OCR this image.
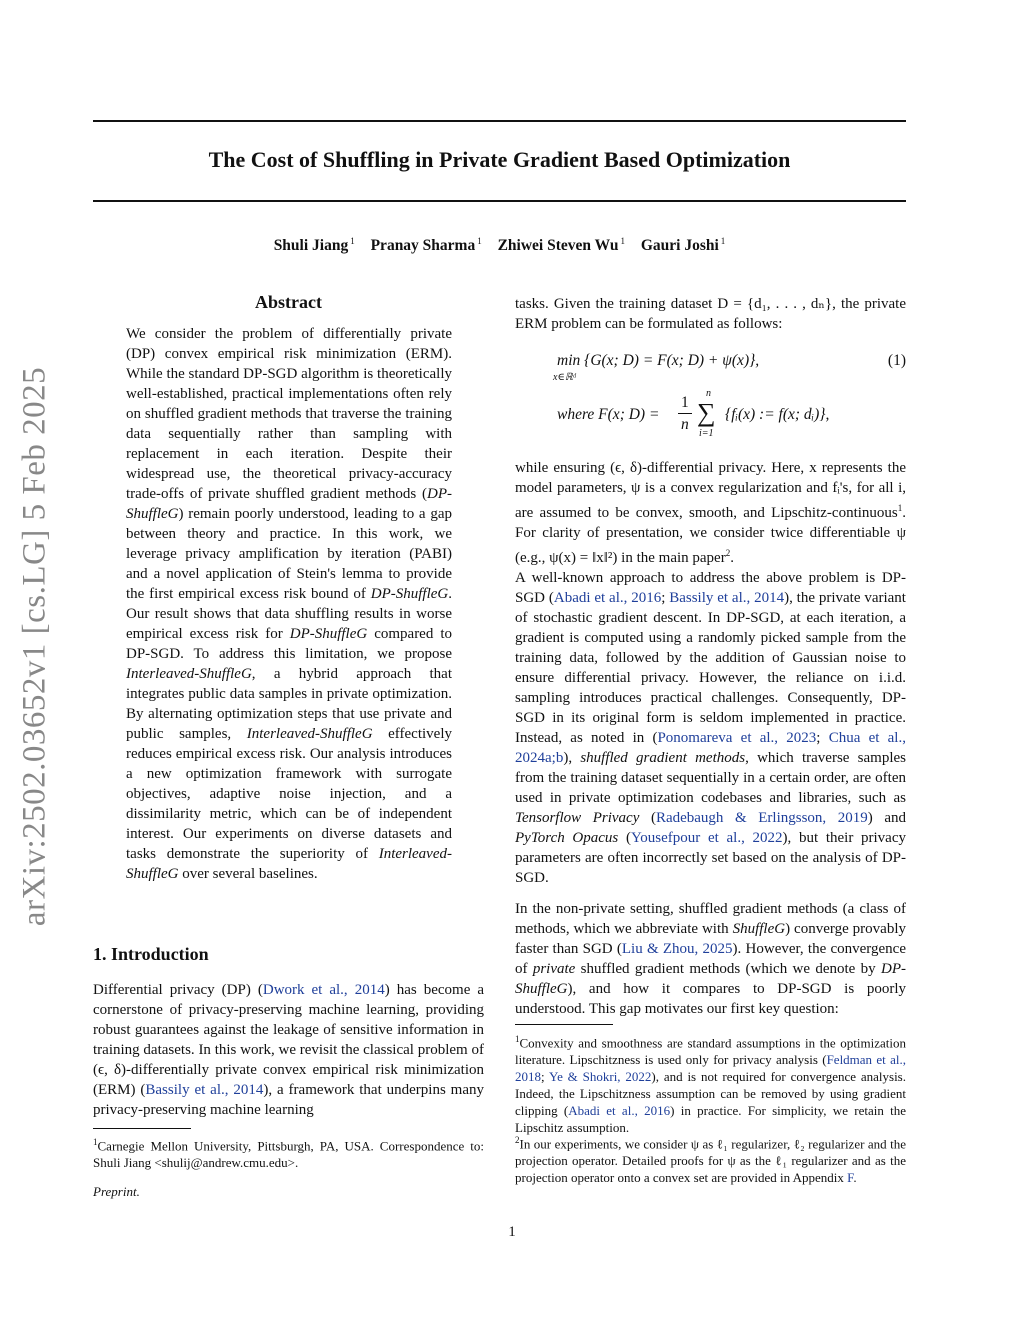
arXiv:2502.03652v1 [cs.LG] 5 Feb 2025
The Cost of Shuffling in Private Gradient Based Optimization
Shuli Jiang $^1$ Pranay Sharma $^1$ Zhiwei Steven Wu $^1$ Gauri Joshi $^1$
Abstract
We consider the problem of differentially private (DP) convex empirical risk minimization (ERM). While the standard DP-SGD algorithm is theoretically well-established, practical implementations often rely on shuffled gradient methods that traverse the training data sequentially rather than sampling with replacement in each iteration. Despite their widespread use, the theoretical privacy-accuracy trade-offs of private shuffled gradient methods (DP-ShuffleG) remain poorly understood, leading to a gap between theory and practice. In this work, we leverage privacy amplification by iteration (PABI) and a novel application of Stein's lemma to provide the first empirical excess risk bound of DP-ShuffleG. Our result shows that data shuffling results in worse empirical excess risk for DP-ShuffleG compared to DP-SGD. To address this limitation, we propose Interleaved-ShuffleG, a hybrid approach that integrates public data samples in private optimization. By alternating optimization steps that use private and public samples, Interleaved-ShuffleG effectively reduces empirical excess risk. Our analysis introduces a new optimization framework with surrogate objectives, adaptive noise injection, and a dissimilarity metric, which can be of independent interest. Our experiments on diverse datasets and tasks demonstrate the superiority of Interleaved-ShuffleG over several baselines.
1. Introduction
Differential privacy (DP) (Dwork et al., 2014) has become a cornerstone of privacy-preserving machine learning, providing robust guarantees against the leakage of sensitive information in training datasets. In this work, we revisit the classical problem of (ϵ, δ)-differentially private convex empirical risk minimization (ERM) (Bassily et al., 2014), a framework that underpins many privacy-preserving machine learning
$^1$Carnegie Mellon University, Pittsburgh, PA, USA. Correspondence to: Shuli Jiang <shulij@andrew.cmu.edu>.
Preprint.
tasks. Given the training dataset D = {d₁, . . . , dₙ}, the private ERM problem can be formulated as follows:
min {G(x; D) = F(x; D) + ψ(x)},
x∈ℝᵈ
(1)
where F(x; D) =
1
n
n
∑
i=1
{fᵢ(x) := f(x; dᵢ)},
while ensuring (ϵ, δ)-differential privacy. Here, x represents the model parameters, ψ is a convex regularization and fᵢ's, for all i, are assumed to be convex, smooth, and Lipschitz-continuous$^1$. For clarity of presentation, we consider twice differentiable ψ (e.g., ψ(x) = ‖x‖²) in the main paper$^2$.
A well-known approach to address the above problem is DP-SGD (Abadi et al., 2016; Bassily et al., 2014), the private variant of stochastic gradient descent. In DP-SGD, at each iteration, a gradient is computed using a randomly picked sample from the training data, followed by the addition of Gaussian noise to ensure differential privacy. However, the reliance on i.i.d. sampling introduces practical challenges. Consequently, DP-SGD in its original form is seldom implemented in practice. Instead, as noted in (Ponomareva et al., 2023; Chua et al., 2024a;b), shuffled gradient methods, which traverse samples from the training dataset sequentially in a certain order, are often used in private optimization codebases and libraries, such as Tensorflow Privacy (Radebaugh & Erlingsson, 2019) and PyTorch Opacus (Yousefpour et al., 2022), but their privacy parameters are often incorrectly set based on the analysis of DP-SGD.
In the non-private setting, shuffled gradient methods (a class of methods, which we abbreviate with ShuffleG) converge provably faster than SGD (Liu & Zhou, 2025). However, the convergence of private shuffled gradient methods (which we denote by DP-ShuffleG), and how it compares to DP-SGD is poorly understood. This gap motivates our first key question:
$^1$Convexity and smoothness are standard assumptions in the optimization literature. Lipschitzness is used only for privacy analysis (Feldman et al., 2018; Ye & Shokri, 2022), and is not required for convergence analysis. Indeed, the Lipschitzness assumption can be removed by using gradient clipping (Abadi et al., 2016) in practice. For simplicity, we retain the Lipschitz assumption.
$^2$In our experiments, we consider ψ as ℓ₁ regularizer, ℓ₂ regularizer and the projection operator. Detailed proofs for ψ as the ℓ₁ regularizer and as the projection operator onto a convex set are provided in Appendix F.
1
